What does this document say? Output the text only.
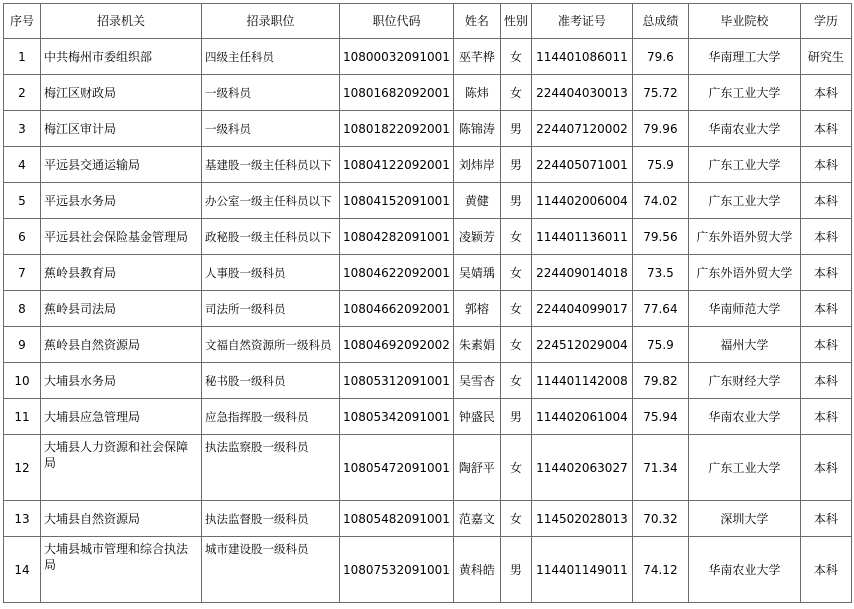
序号	招录机关	招录职位	职位代码	姓名	性别	准考证号	总成绩	毕业院校	学历
1	中共梅州市委组织部	四级主任科员	10800032091001	巫芊桦	女	114401086011	79.6	华南理工大学	研究生
2	梅江区财政局	一级科员	10801682092001	陈炜	女	224404030013	75.72	广东工业大学	本科
3	梅江区审计局	一级科员	10801822092001	陈锦涛	男	224407120002	79.96	华南农业大学	本科
4	平远县交通运输局	基建股一级主任科员以下	10804122092001	刘炜岸	男	224405071001	75.9	广东工业大学	本科
5	平远县水务局	办公室一级主任科员以下	10804152091001	黄健	男	114402006004	74.02	广东工业大学	本科
6	平远县社会保险基金管理局	政秘股一级主任科员以下	10804282091001	凌颖芳	女	114401136011	79.56	广东外语外贸大学	本科
7	蕉岭县教育局	人事股一级科员	10804622092001	吴婧瑀	女	224409014018	73.5	广东外语外贸大学	本科
8	蕉岭县司法局	司法所一级科员	10804662092001	郭榕	女	224404099017	77.64	华南师范大学	本科
9	蕉岭县自然资源局	文福自然资源所一级科员	10804692092002	朱素娟	女	224512029004	75.9	福州大学	本科
10	大埔县水务局	秘书股一级科员	10805312091001	吴雪杏	女	114401142008	79.82	广东财经大学	本科
11	大埔县应急管理局	应急指挥股一级科员	10805342091001	钟盛民	男	114402061004	75.94	华南农业大学	本科
12	大埔县人力资源和社会保障局	执法监察股一级科员	10805472091001	陶舒平	女	114402063027	71.34	广东工业大学	本科
13	大埔县自然资源局	执法监督股一级科员	10805482091001	范嘉文	女	114502028013	70.32	深圳大学	本科
14	大埔县城市管理和综合执法局	城市建设股一级科员	10807532091001	黄科皓	男	114401149011	74.12	华南农业大学	本科
